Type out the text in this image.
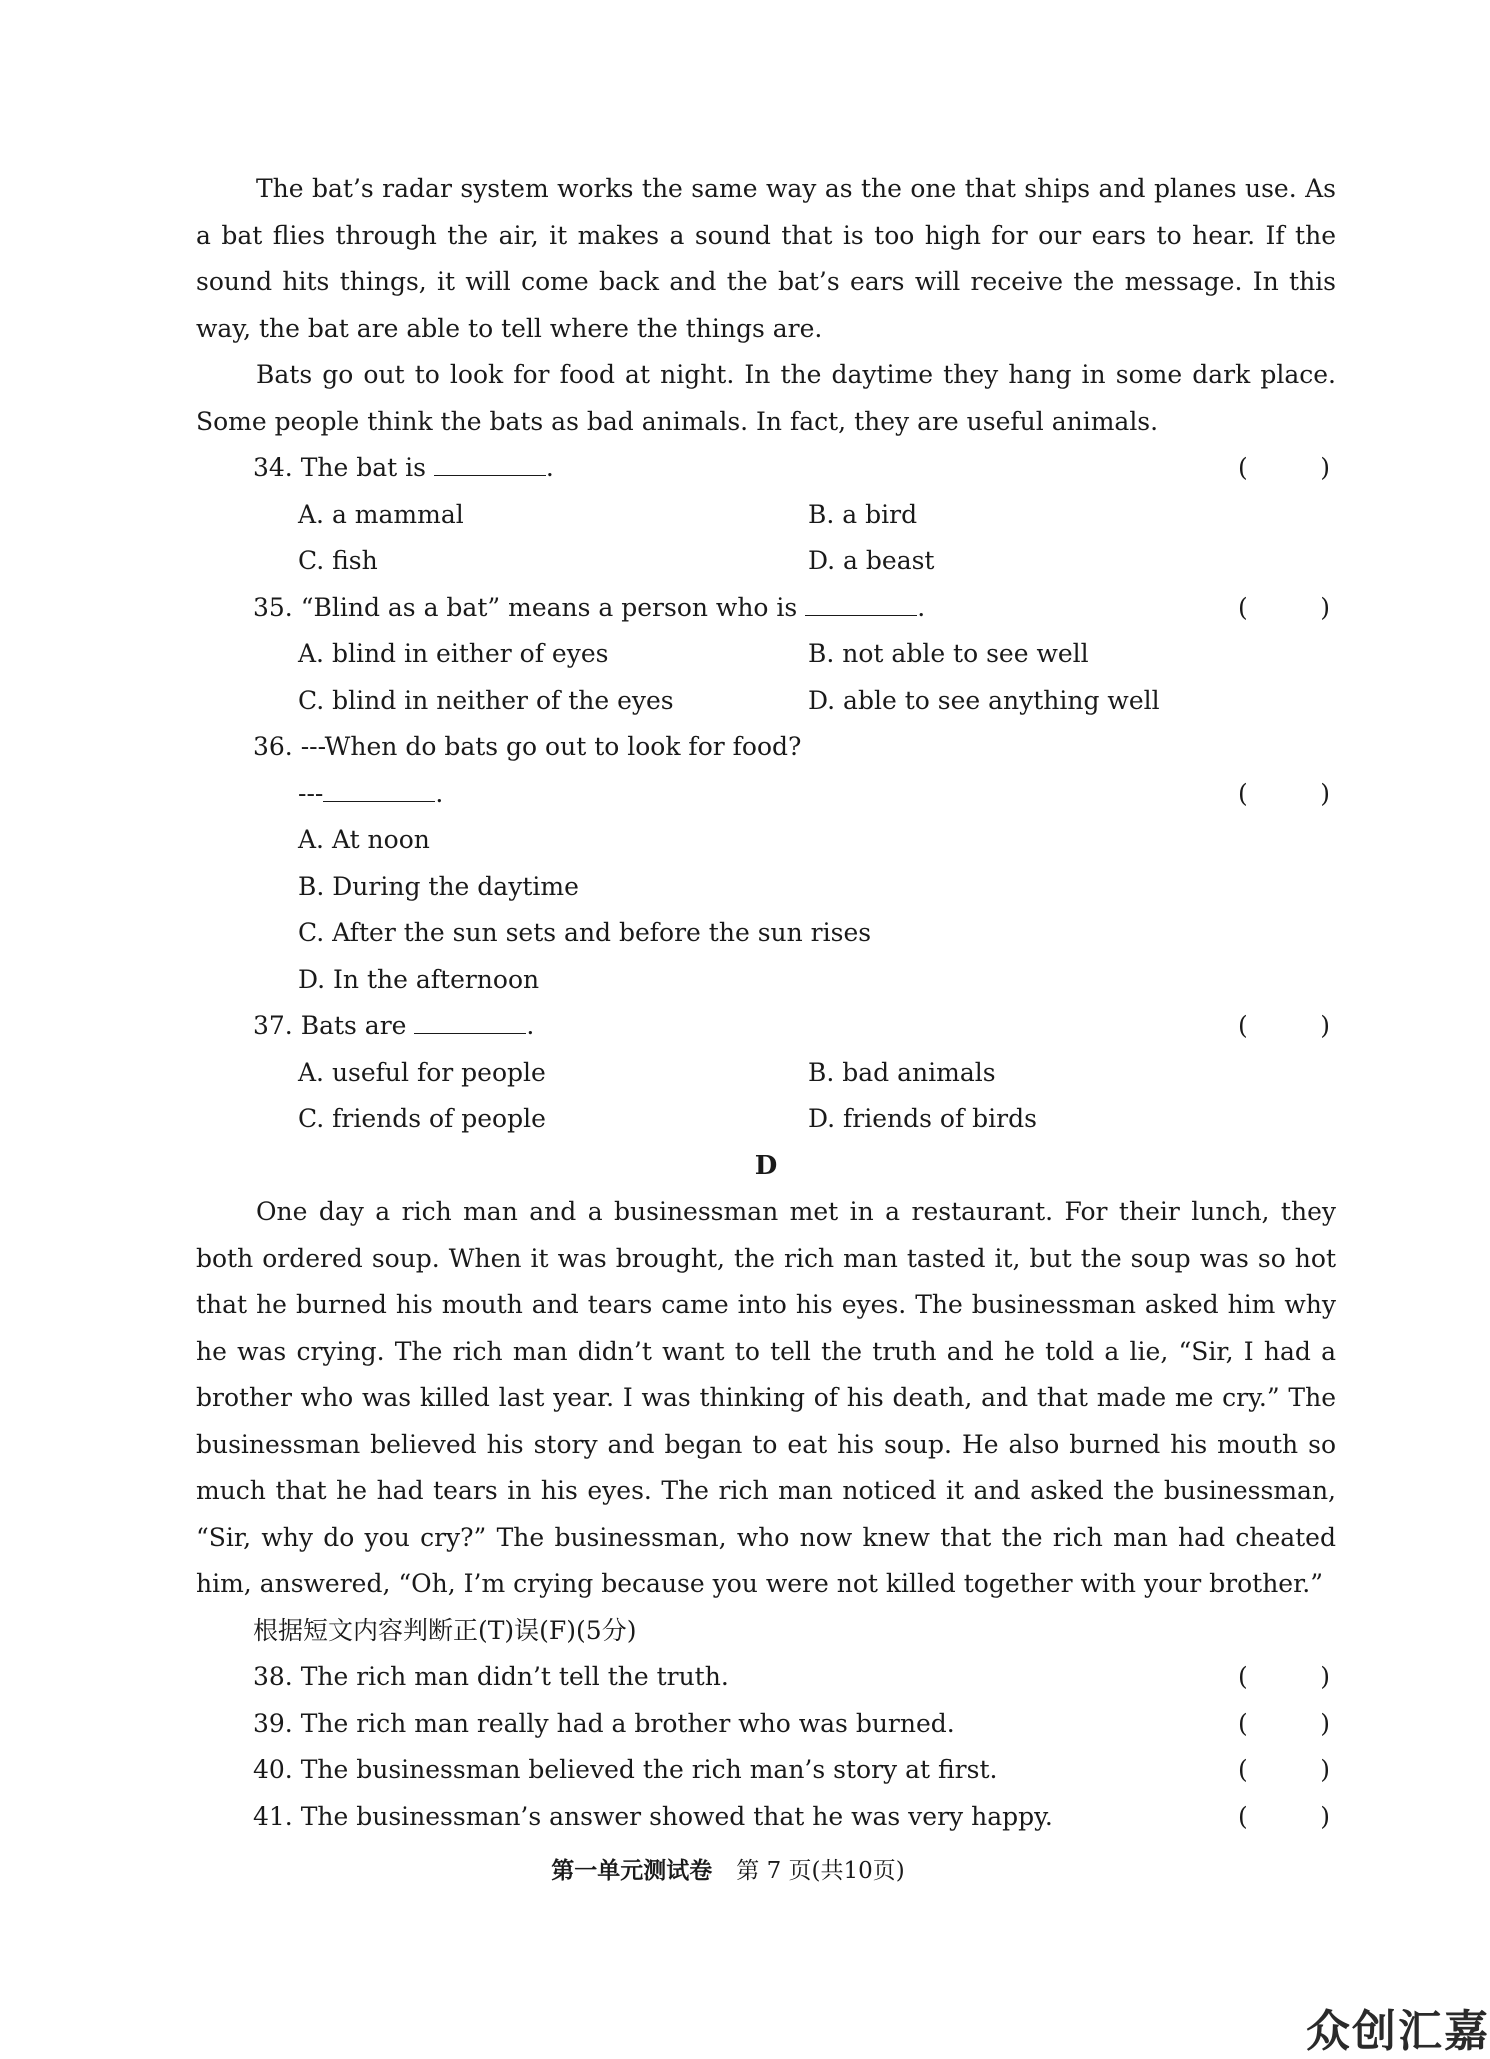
The bat’s radar system works the same way as the one that ships and planes use. As a bat flies through the air, it makes a sound that is too high for our ears to hear. If the sound hits things, it will come back and the bat’s ears will receive the message. In this way, the bat are able to tell where the things are.

Bats go out to look for food at night. In the daytime they hang in some dark place. Some people think the bats as bad animals. In fact, they are useful animals.

34. The bat is	.	(	)
A. a mammal	B. a bird
C. fish	D. a beast
35. “Blind as a bat” means a person who is	.	(	)
A. blind in either of eyes	B. not able to see well
C. blind in neither of the eyes	D. able to see anything well
36. ---When do bats go out to look for food?
---	.	(	)
A. At noon
B. During the daytime
C. After the sun sets and before the sun rises
D. In the afternoon
37. Bats are	.	(	)
A. useful for people	B. bad animals
C. friends of people	D. friends of birds
D

One day a rich man and a businessman met in a restaurant. For their lunch, they both ordered soup. When it was brought, the rich man tasted it, but the soup was so hot that he burned his mouth and tears came into his eyes. The businessman asked him why he was crying. The rich man didn’t want to tell the truth and he told a lie, “Sir, I had a brother who was killed last year. I was thinking of his death, and that made me cry.” The businessman believed his story and began to eat his soup. He also burned his mouth so much that he had tears in his eyes. The rich man noticed it and asked the businessman, “Sir, why do you cry?” The businessman, who now knew that the rich man had cheated him, answered, “Oh, I’m crying because you were not killed together with your brother.”

根据短文内容判断正(T)误(F)(5分)
38. The rich man didn’t tell the truth.	(	)
39. The rich man really had a brother who was burned.	(	)
40. The businessman believed the rich man’s story at first.	(	)
41. The businessman’s answer showed that he was very happy.	(	)
第一单元测试卷 第 7 页(共10页)
众创汇嘉
